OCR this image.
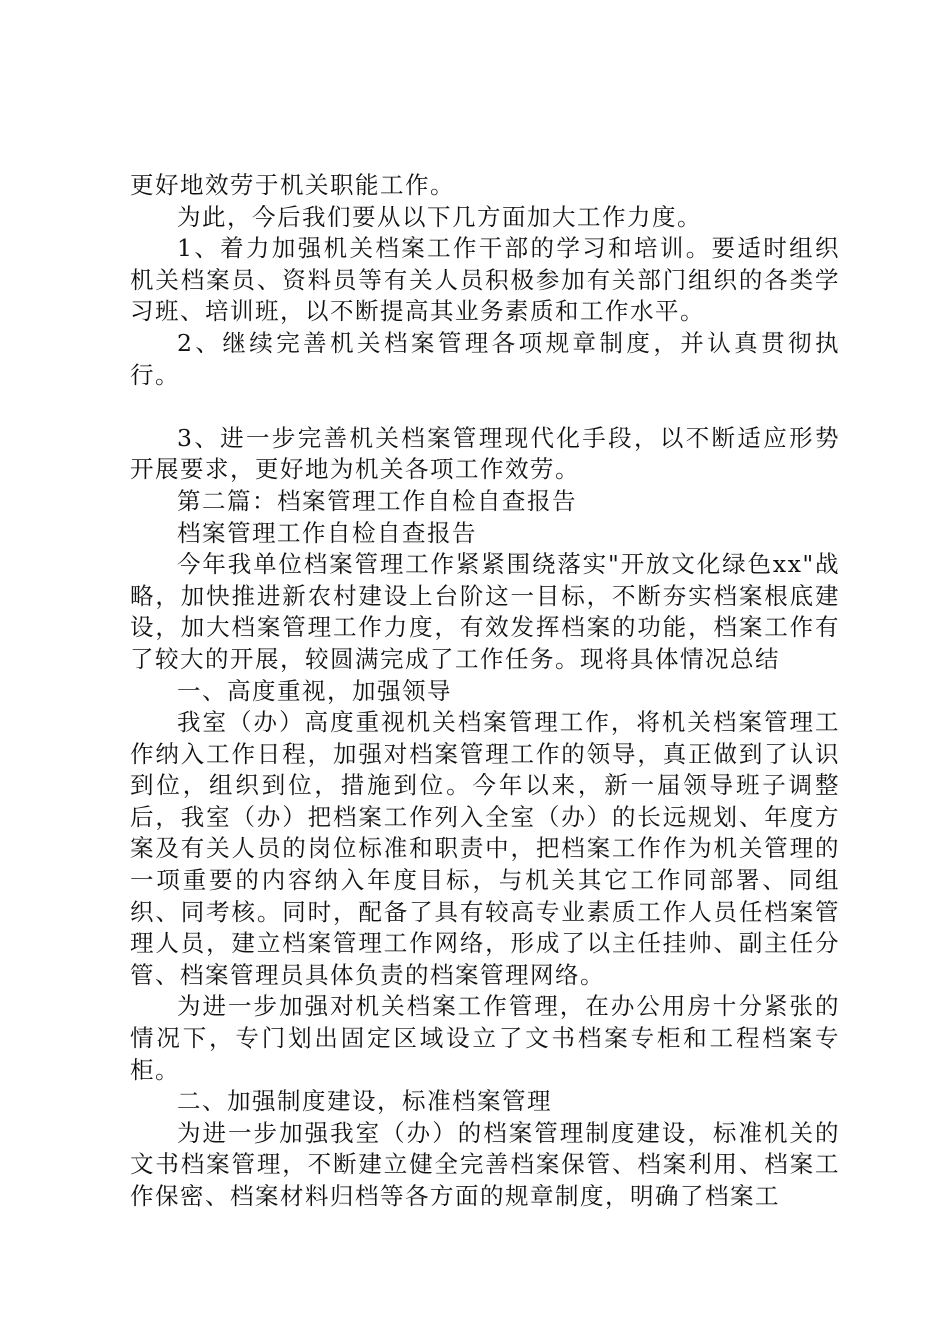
更好地效劳于机关职能工作。

为此，今后我们要从以下几方面加大工作力度。

1、着力加强机关档案工作干部的学习和培训。要适时组织机关档案员、资料员等有关人员积极参加有关部门组织的各类学习班、培训班，以不断提高其业务素质和工作水平。

2、继续完善机关档案管理各项规章制度，并认真贯彻执行。

3、进一步完善机关档案管理现代化手段，以不断适应形势开展要求，更好地为机关各项工作效劳。

第二篇：档案管理工作自检自查报告

档案管理工作自检自查报告

今年我单位档案管理工作紧紧围绕落实"开放文化绿色xx"战略，加快推进新农村建设上台阶这一目标，不断夯实档案根底建设，加大档案管理工作力度，有效发挥档案的功能，档案工作有了较大的开展，较圆满完成了工作任务。现将具体情况总结

一、高度重视，加强领导

我室（办）高度重视机关档案管理工作，将机关档案管理工作纳入工作日程，加强对档案管理工作的领导，真正做到了认识到位，组织到位，措施到位。今年以来，新一届领导班子调整后，我室（办）把档案工作列入全室（办）的长远规划、年度方案及有关人员的岗位标准和职责中，把档案工作作为机关管理的一项重要的内容纳入年度目标，与机关其它工作同部署、同组织、同考核。同时，配备了具有较高专业素质工作人员任档案管理人员，建立档案管理工作网络，形成了以主任挂帅、副主任分管、档案管理员具体负责的档案管理网络。

为进一步加强对机关档案工作管理，在办公用房十分紧张的情况下，专门划出固定区域设立了文书档案专柜和工程档案专柜。

二、加强制度建设，标准档案管理

为进一步加强我室（办）的档案管理制度建设，标准机关的文书档案管理，不断建立健全完善档案保管、档案利用、档案工作保密、档案材料归档等各方面的规章制度，明确了档案工
